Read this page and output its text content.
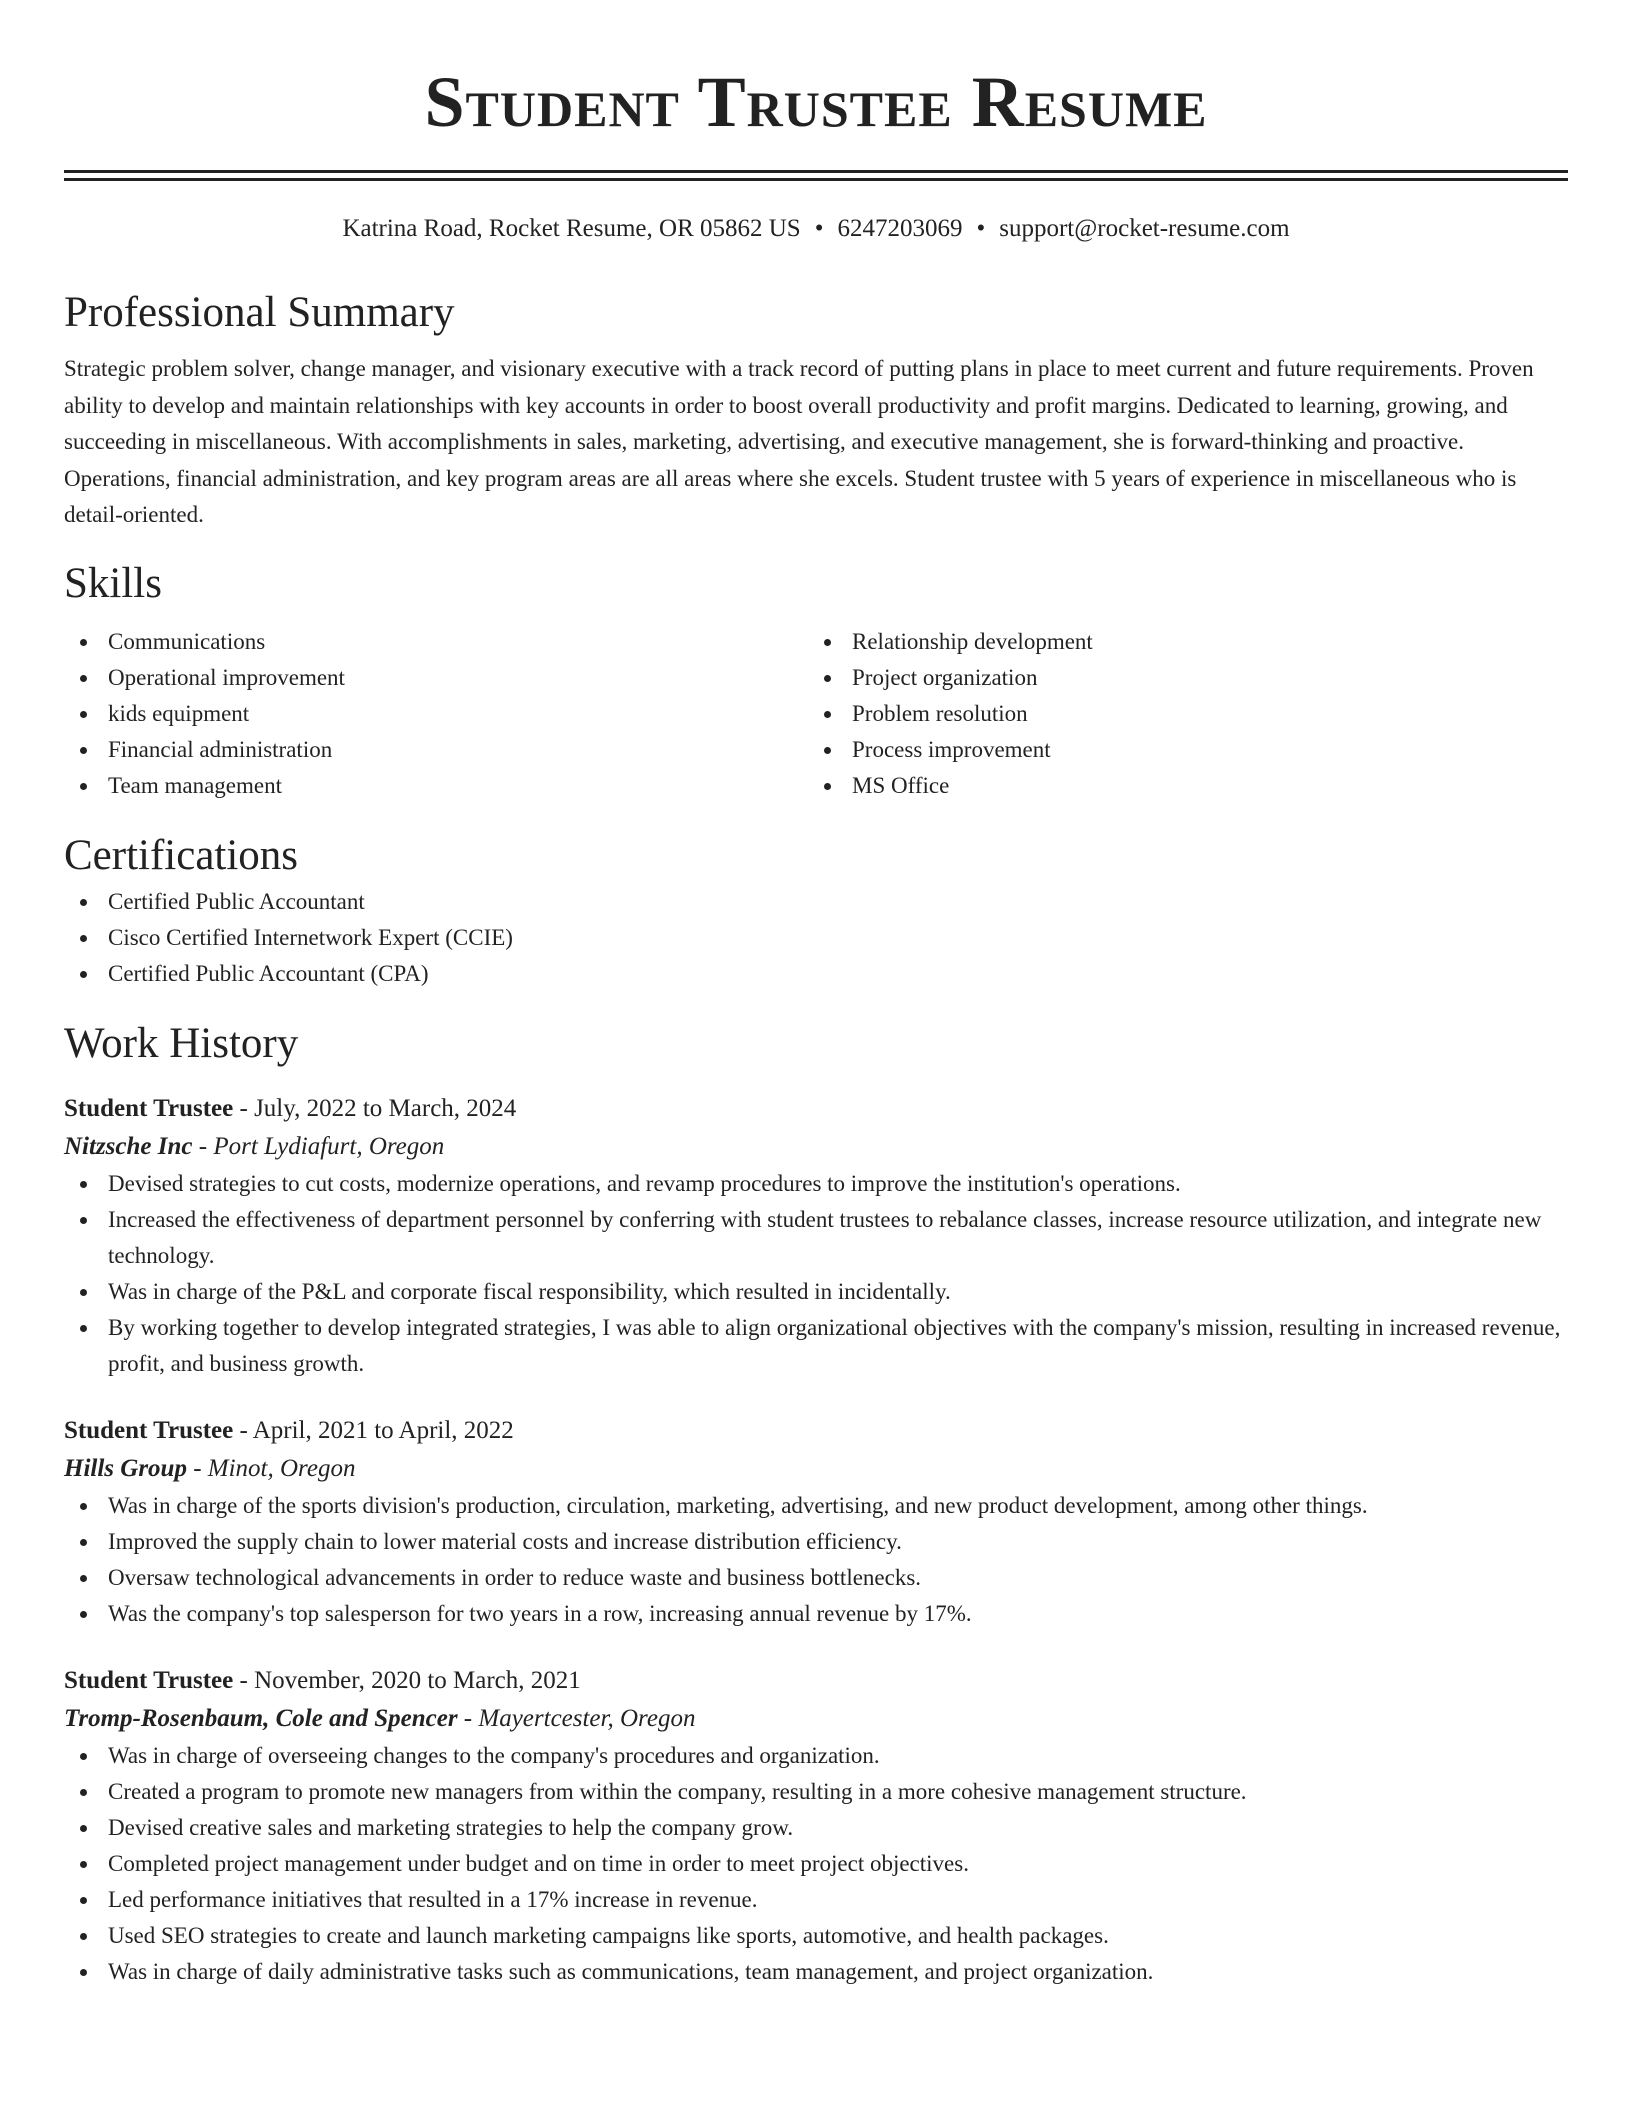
Student Trustee Resume
Katrina Road, Rocket Resume, OR 05862 US • 6247203069 • support@rocket-resume.com
Professional Summary

Strategic problem solver, change manager, and visionary executive with a track record of putting plans in place to meet current and future requirements. Proven ability to develop and maintain relationships with key accounts in order to boost overall productivity and profit margins. Dedicated to learning, growing, and succeeding in miscellaneous. With accomplishments in sales, marketing, advertising, and executive management, she is forward-thinking and proactive. Operations, financial administration, and key program areas are all areas where she excels. Student trustee with 5 years of experience in miscellaneous who is detail-oriented.

Skills
Communications
Operational improvement
kids equipment
Financial administration
Team management
Relationship development
Project organization
Problem resolution
Process improvement
MS Office
Certifications
Certified Public Accountant
Cisco Certified Internetwork Expert (CCIE)
Certified Public Accountant (CPA)
Work History
Student Trustee - July, 2022 to March, 2024
Nitzsche Inc - Port Lydiafurt, Oregon
Devised strategies to cut costs, modernize operations, and revamp procedures to improve the institution's operations.
Increased the effectiveness of department personnel by conferring with student trustees to rebalance classes, increase resource utilization, and integrate new technology.
Was in charge of the P&L and corporate fiscal responsibility, which resulted in incidentally.
By working together to develop integrated strategies, I was able to align organizational objectives with the company's mission, resulting in increased revenue, profit, and business growth.
Student Trustee - April, 2021 to April, 2022
Hills Group - Minot, Oregon
Was in charge of the sports division's production, circulation, marketing, advertising, and new product development, among other things.
Improved the supply chain to lower material costs and increase distribution efficiency.
Oversaw technological advancements in order to reduce waste and business bottlenecks.
Was the company's top salesperson for two years in a row, increasing annual revenue by 17%.
Student Trustee - November, 2020 to March, 2021
Tromp-Rosenbaum, Cole and Spencer - Mayertcester, Oregon
Was in charge of overseeing changes to the company's procedures and organization.
Created a program to promote new managers from within the company, resulting in a more cohesive management structure.
Devised creative sales and marketing strategies to help the company grow.
Completed project management under budget and on time in order to meet project objectives.
Led performance initiatives that resulted in a 17% increase in revenue.
Used SEO strategies to create and launch marketing campaigns like sports, automotive, and health packages.
Was in charge of daily administrative tasks such as communications, team management, and project organization.
